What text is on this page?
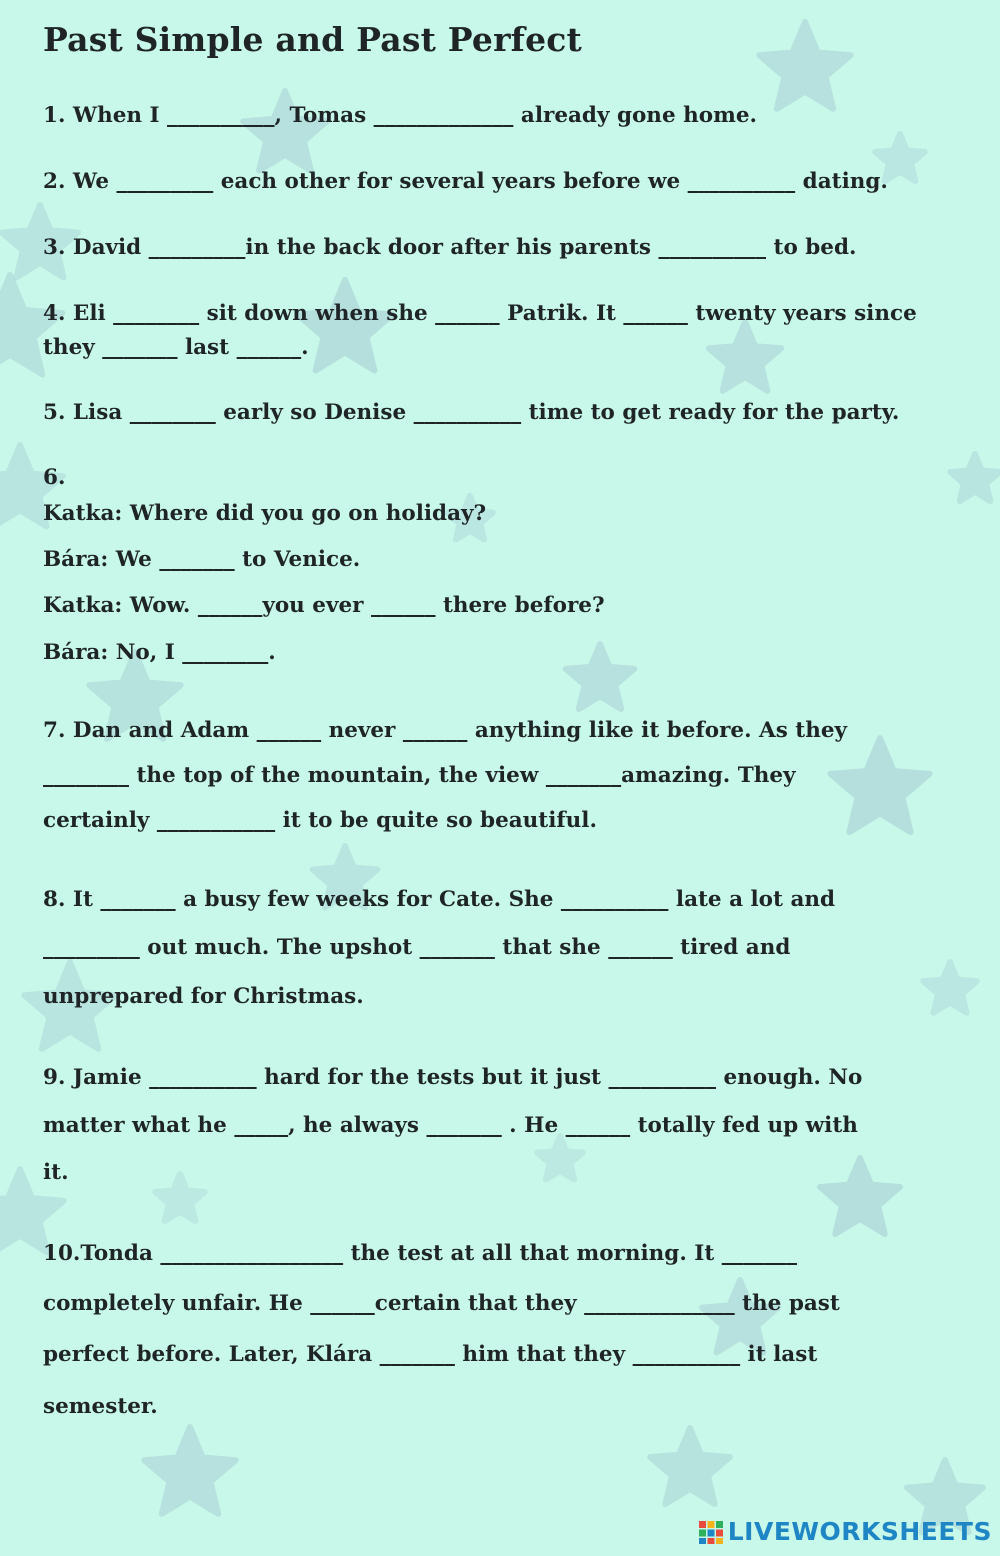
Past Simple and Past Perfect

1. When I __________, Tomas _____________ already gone home.

2. We _________ each other for several years before we __________ dating.

3. David _________in the back door after his parents __________ to bed.

4. Eli ________ sit down when she ______ Patrik. It ______ twenty years since

they _______ last ______.

5. Lisa ________ early so Denise __________ time to get ready for the party.

6.

Katka: Where did you go on holiday?

Bára: We _______ to Venice.

Katka: Wow. ______you ever ______ there before?

Bára: No, I ________.

7. Dan and Adam ______ never ______ anything like it before. As they

________ the top of the mountain, the view _______amazing. They

certainly ___________ it to be quite so beautiful.

8. It _______ a busy few weeks for Cate. She __________ late a lot and

_________ out much. The upshot _______ that she ______ tired and

unprepared for Christmas.

9. Jamie __________ hard for the tests but it just __________ enough. No

matter what he _____, he always _______ . He ______ totally fed up with

it.

10.Tonda _________________ the test at all that morning. It _______

completely unfair. He ______certain that they ______________ the past

perfect before. Later, Klára _______ him that they __________ it last

semester.

LIVEWORKSHEETS
